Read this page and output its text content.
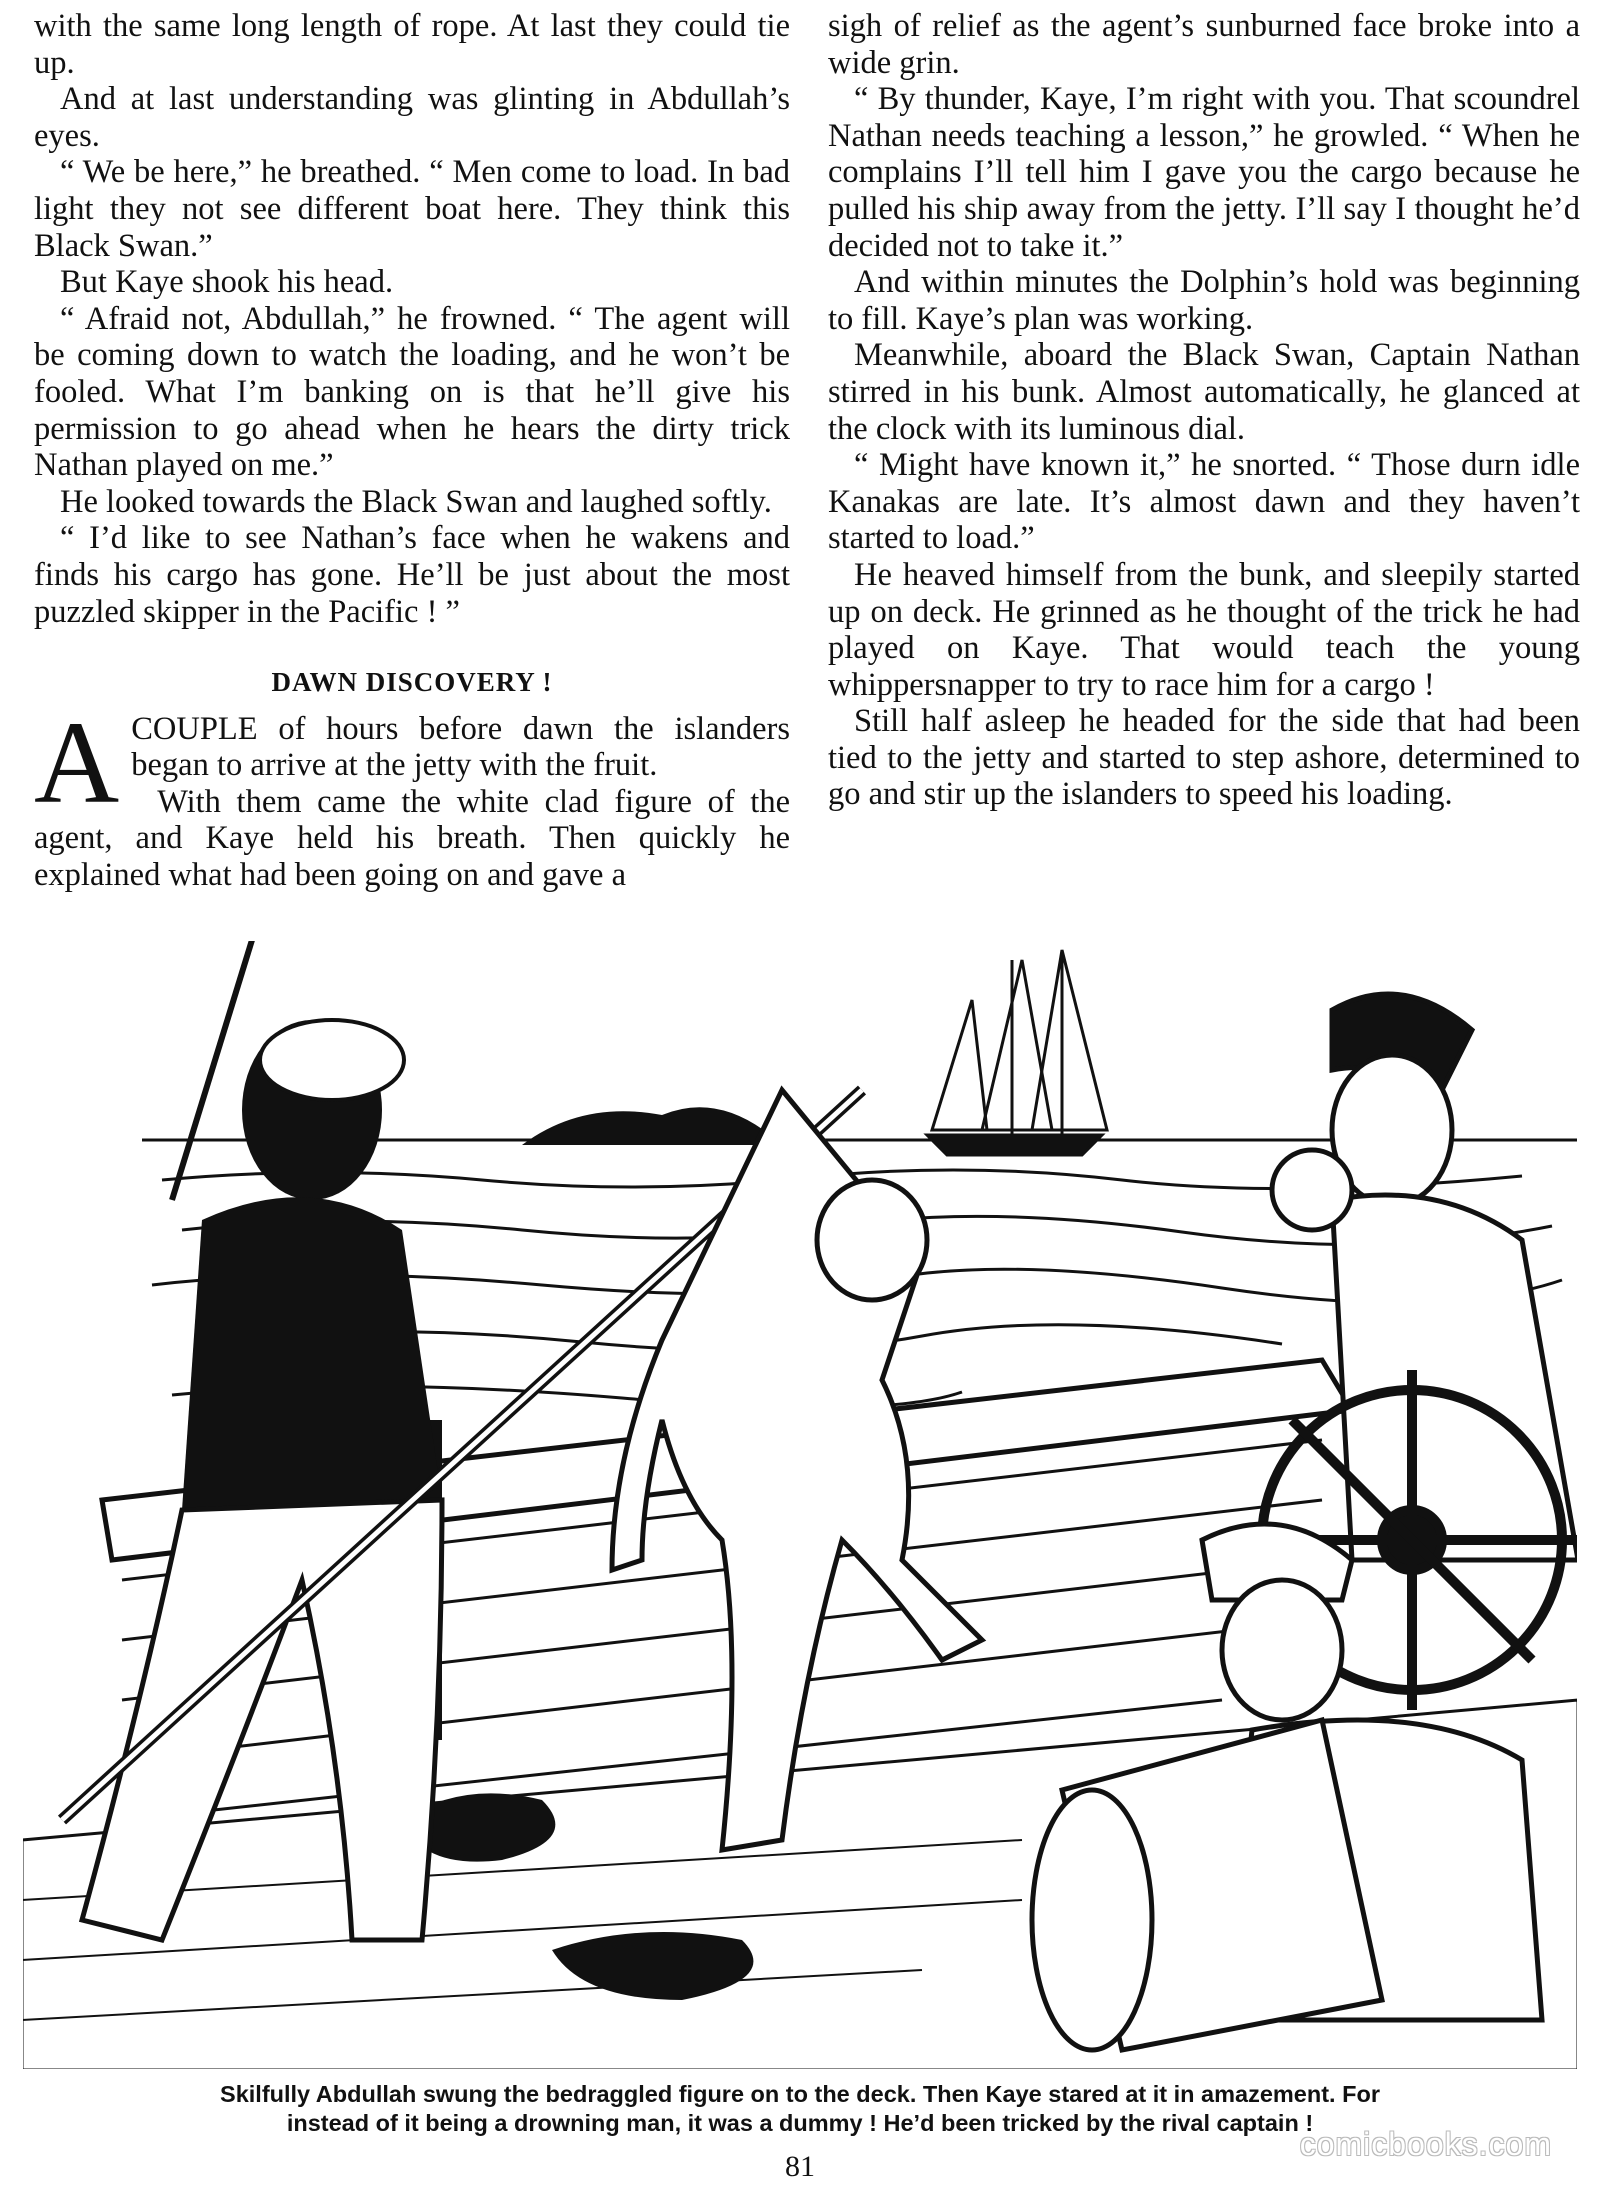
with the same long length of rope. At last they could tie up.

And at last understanding was glinting in Abdullah’s eyes.

“ We be here,” he breathed. “ Men come to load. In bad light they not see different boat here. They think this Black Swan.”

But Kaye shook his head.

“ Afraid not, Abdullah,” he frowned. “ The agent will be coming down to watch the loading, and he won’t be fooled. What I’m banking on is that he’ll give his permission to go ahead when he hears the dirty trick Nathan played on me.”

He looked towards the Black Swan and laughed softly.

“ I’d like to see Nathan’s face when he wakens and finds his cargo has gone. He’ll be just about the most puzzled skipper in the Pacific ! ”

DAWN DISCOVERY !

A COUPLE of hours before dawn the islanders began to arrive at the jetty with the fruit.

With them came the white clad figure of the agent, and Kaye held his breath. Then quickly he explained what had been going on and gave a

sigh of relief as the agent’s sunburned face broke into a wide grin.

“ By thunder, Kaye, I’m right with you. That scoundrel Nathan needs teaching a lesson,” he growled. “ When he complains I’ll tell him I gave you the cargo because he pulled his ship away from the jetty. I’ll say I thought he’d decided not to take it.”

And within minutes the Dolphin’s hold was beginning to fill. Kaye’s plan was working.

Meanwhile, aboard the Black Swan, Captain Nathan stirred in his bunk. Almost automatically, he glanced at the clock with its luminous dial.

“ Might have known it,” he snorted. “ Those durn idle Kanakas are late. It’s almost dawn and they haven’t started to load.”

He heaved himself from the bunk, and sleepily started up on deck. He grinned as he thought of the trick he had played on Kaye. That would teach the young whippersnapper to try to race him for a cargo !

Still half asleep he headed for the side that had been tied to the jetty and started to step ashore, determined to go and stir up the islanders to speed his loading.

Skilfully Abdullah swung the bedraggled figure on to the deck. Then Kaye stared at it in amazement. For
instead of it being a drowning man, it was a dummy ! He’d been tricked by the rival captain !
81
comicbooks.com
